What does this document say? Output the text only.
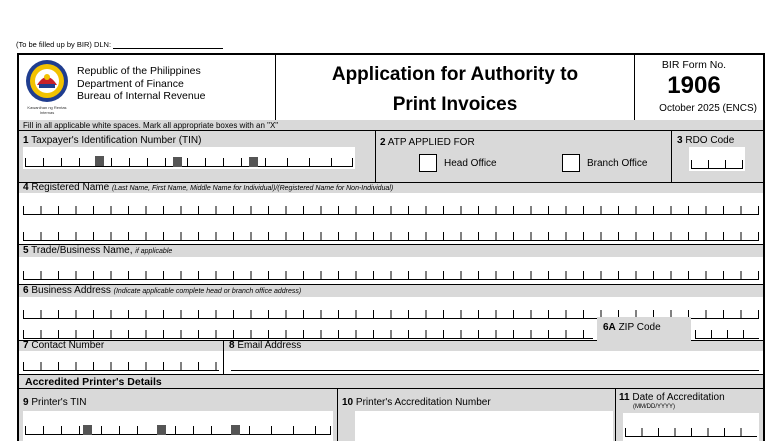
(To be filled up by BIR) DLN:
Kawanihan ng Rentas Internas
Republic of the Philippines
Department of Finance
Bureau of Internal Revenue
Application for Authority to
Print Invoices
BIR Form No.
1906
October 2025 (ENCS)
Fill in all applicable white spaces. Mark all appropriate boxes with an "X"
1 Taxpayer's Identification Number (TIN)	2 ATP APPLIED FOR
Head Office	Branch Office
3 RDO Code
4 Registered Name (Last Name, First Name, Middle Name for Individual)/(Registered Name for Non-Individual)
5 Trade/Business Name, if applicable
6 Business Address (Indicate applicable complete head or branch office address)
6A ZIP Code
7 Contact Number	8 Email Address
Accredited Printer's Details
9 Printer's TIN	10 Printer's Accreditation Number	11 Date of Accreditation
(MM/DD/YYYY)
